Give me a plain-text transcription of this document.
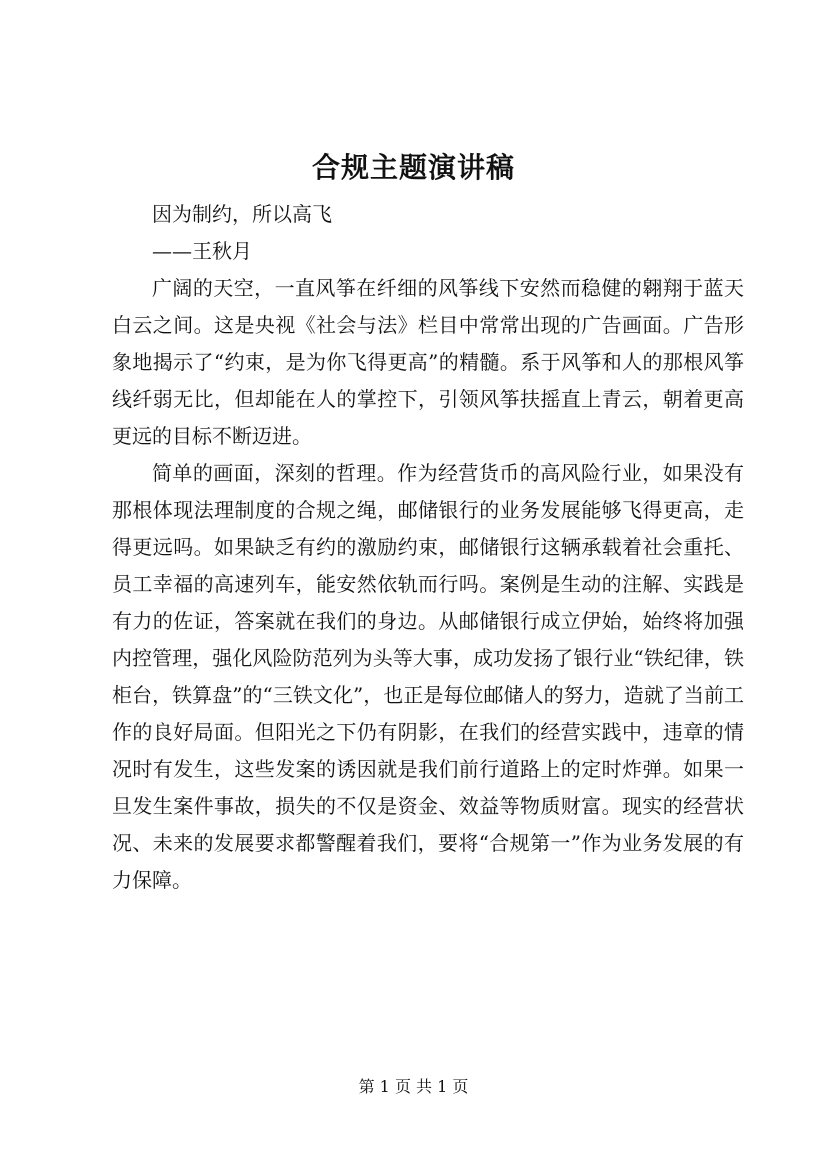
合规主题演讲稿

因为制约，所以高飞

——王秋月

广阔的天空，一直风筝在纤细的风筝线下安然而稳健的翱翔于蓝天白云之间。这是央视《社会与法》栏目中常常出现的广告画面。广告形象地揭示了“约束，是为你飞得更高”的精髓。系于风筝和人的那根风筝线纤弱无比，但却能在人的掌控下，引领风筝扶摇直上青云，朝着更高更远的目标不断迈进。

简单的画面，深刻的哲理。作为经营货币的高风险行业，如果没有那根体现法理制度的合规之绳，邮储银行的业务发展能够飞得更高，走得更远吗。如果缺乏有约的激励约束，邮储银行这辆承载着社会重托、员工幸福的高速列车，能安然依轨而行吗。案例是生动的注解、实践是有力的佐证，答案就在我们的身边。从邮储银行成立伊始，始终将加强内控管理，强化风险防范列为头等大事，成功发扬了银行业“铁纪律，铁柜台，铁算盘”的“三铁文化”，也正是每位邮储人的努力，造就了当前工作的良好局面。但阳光之下仍有阴影，在我们的经营实践中，违章的情况时有发生，这些发案的诱因就是我们前行道路上的定时炸弹。如果一旦发生案件事故，损失的不仅是资金、效益等物质财富。现实的经营状况、未来的发展要求都警醒着我们，要将“合规第一”作为业务发展的有力保障。

第 1 页 共 1 页
